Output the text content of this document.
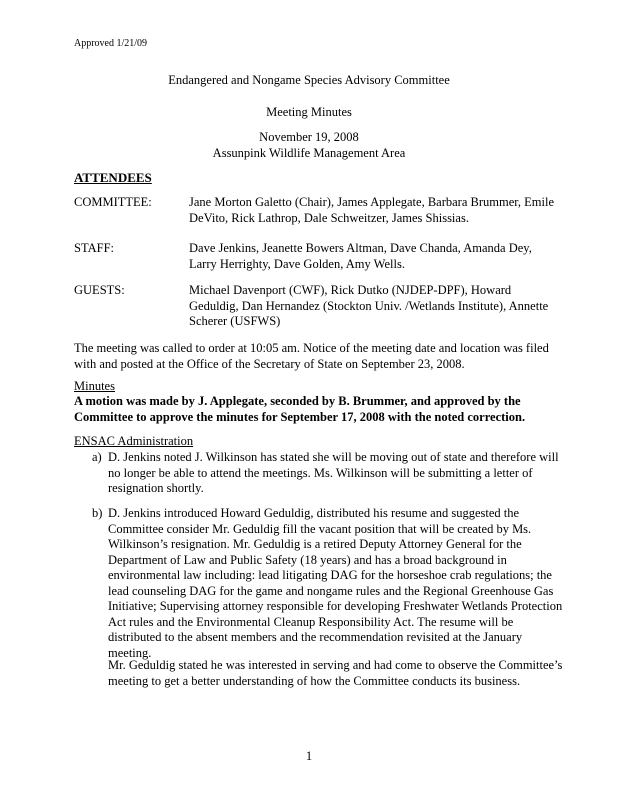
Approved 1/21/09
Endangered and Nongame Species Advisory Committee
Meeting Minutes
November 19, 2008
Assunpink Wildlife Management Area
ATTENDEES
COMMITTEE:	Jane Morton Galetto (Chair), James Applegate, Barbara Brummer, Emile DeVito, Rick Lathrop, Dale Schweitzer, James Shissias.
STAFF:	Dave Jenkins, Jeanette Bowers Altman, Dave Chanda, Amanda Dey, Larry Herrighty, Dave Golden, Amy Wells.
GUESTS:	Michael Davenport (CWF), Rick Dutko (NJDEP-DPF), Howard Geduldig, Dan Hernandez (Stockton Univ. /Wetlands Institute), Annette Scherer (USFWS)
The meeting was called to order at 10:05 am. Notice of the meeting date and location was filed with and posted at the Office of the Secretary of State on September 23, 2008.
Minutes
A motion was made by J. Applegate, seconded by B. Brummer, and approved by the Committee to approve the minutes for September 17, 2008 with the noted correction.
ENSAC Administration
a) D. Jenkins noted J. Wilkinson has stated she will be moving out of state and therefore will no longer be able to attend the meetings. Ms. Wilkinson will be submitting a letter of resignation shortly.
b) D. Jenkins introduced Howard Geduldig, distributed his resume and suggested the Committee consider Mr. Geduldig fill the vacant position that will be created by Ms. Wilkinson’s resignation. Mr. Geduldig is a retired Deputy Attorney General for the Department of Law and Public Safety (18 years) and has a broad background in environmental law including: lead litigating DAG for the horseshoe crab regulations; the lead counseling DAG for the game and nongame rules and the Regional Greenhouse Gas Initiative; Supervising attorney responsible for developing Freshwater Wetlands Protection Act rules and the Environmental Cleanup Responsibility Act. The resume will be distributed to the absent members and the recommendation revisited at the January meeting.
Mr. Geduldig stated he was interested in serving and had come to observe the Committee’s meeting to get a better understanding of how the Committee conducts its business.
1
